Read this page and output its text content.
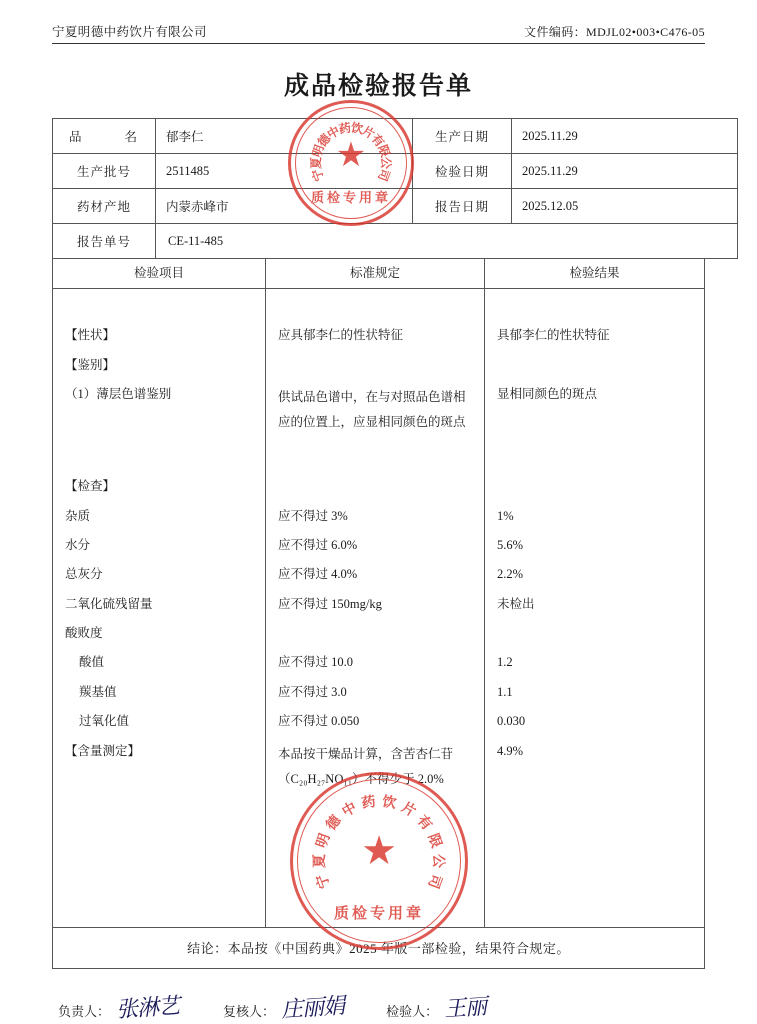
宁夏明德中药饮片有限公司	文件编码：MDJL02•003•C476-05
成品检验报告单
品　　名	郁李仁	生产日期	2025.11.29
生产批号	2511485	检验日期	2025.11.29
药材产地	内蒙赤峰市	报告日期	2025.12.05
报告单号	CE-11-485		
检验项目	标准规定	检验结果

【性状】	应具郁李仁的性状特征	具郁李仁的性状特征
【鉴别】		
（1）薄层色谱鉴别	供试品色谱中，在与对照品色谱相
应的位置上，应显相同颜色的斑点	显相同颜色的斑点

【检查】		
杂质	应不得过 3%	1%
水分	应不得过 6.0%	5.6%
总灰分	应不得过 4.0%	2.2%
二氧化硫残留量	应不得过 150mg/kg	未检出
酸败度		
酸值	应不得过 10.0	1.2
羰基值	应不得过 3.0	1.1
过氧化值	应不得过 0.050	0.030
【含量测定】	本品按干燥品计算，含苦杏仁苷
（C₂₀H₂₇NO₁₁）不得少于 2.0%	4.9%

结论：本品按《中国药典》2025 年版一部检验，结果符合规定。
负责人： 张淋艺	复核人： 庄丽娟	检验人： 王丽
宁
夏
明
德
中
药
饮
片
有
限
公
司
★
质检专用章
宁
夏
明
德
中 药 饮 片
有
限
公
司
★
质检专用章
